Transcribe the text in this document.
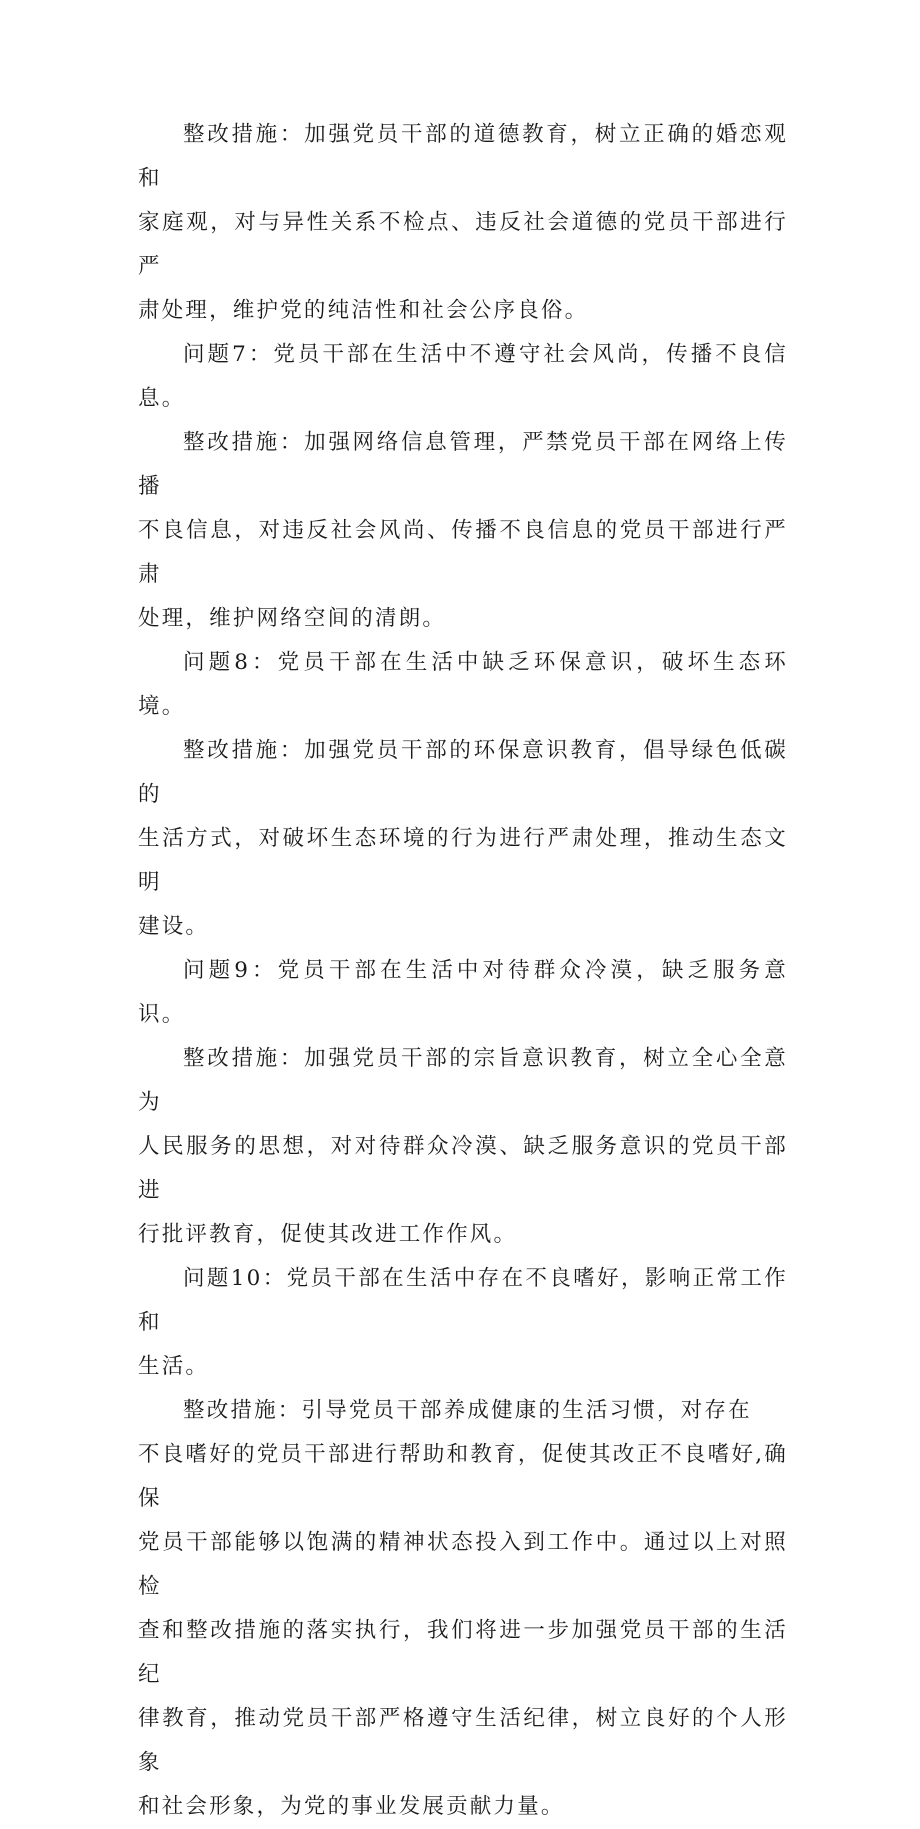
整改措施：加强党员干部的道德教育，树立正确的婚恋观和
家庭观，对与异性关系不检点、违反社会道德的党员干部进行严
肃处理，维护党的纯洁性和社会公序良俗。
问题7：党员干部在生活中不遵守社会风尚，传播不良信息。
整改措施：加强网络信息管理，严禁党员干部在网络上传播
不良信息，对违反社会风尚、传播不良信息的党员干部进行严肃
处理，维护网络空间的清朗。
问题8：党员干部在生活中缺乏环保意识，破坏生态环境。
整改措施：加强党员干部的环保意识教育，倡导绿色低碳的
生活方式，对破坏生态环境的行为进行严肃处理，推动生态文明
建设。
问题9：党员干部在生活中对待群众冷漠，缺乏服务意识。
整改措施：加强党员干部的宗旨意识教育，树立全心全意为
人民服务的思想，对对待群众冷漠、缺乏服务意识的党员干部进
行批评教育，促使其改进工作作风。
问题10：党员干部在生活中存在不良嗜好，影响正常工作和
生活。
整改措施：引导党员干部养成健康的生活习惯，对存在
不良嗜好的党员干部进行帮助和教育，促使其改正不良嗜好,确保
党员干部能够以饱满的精神状态投入到工作中。通过以上对照检
查和整改措施的落实执行，我们将进一步加强党员干部的生活纪
律教育，推动党员干部严格遵守生活纪律，树立良好的个人形象
和社会形象，为党的事业发展贡献力量。
